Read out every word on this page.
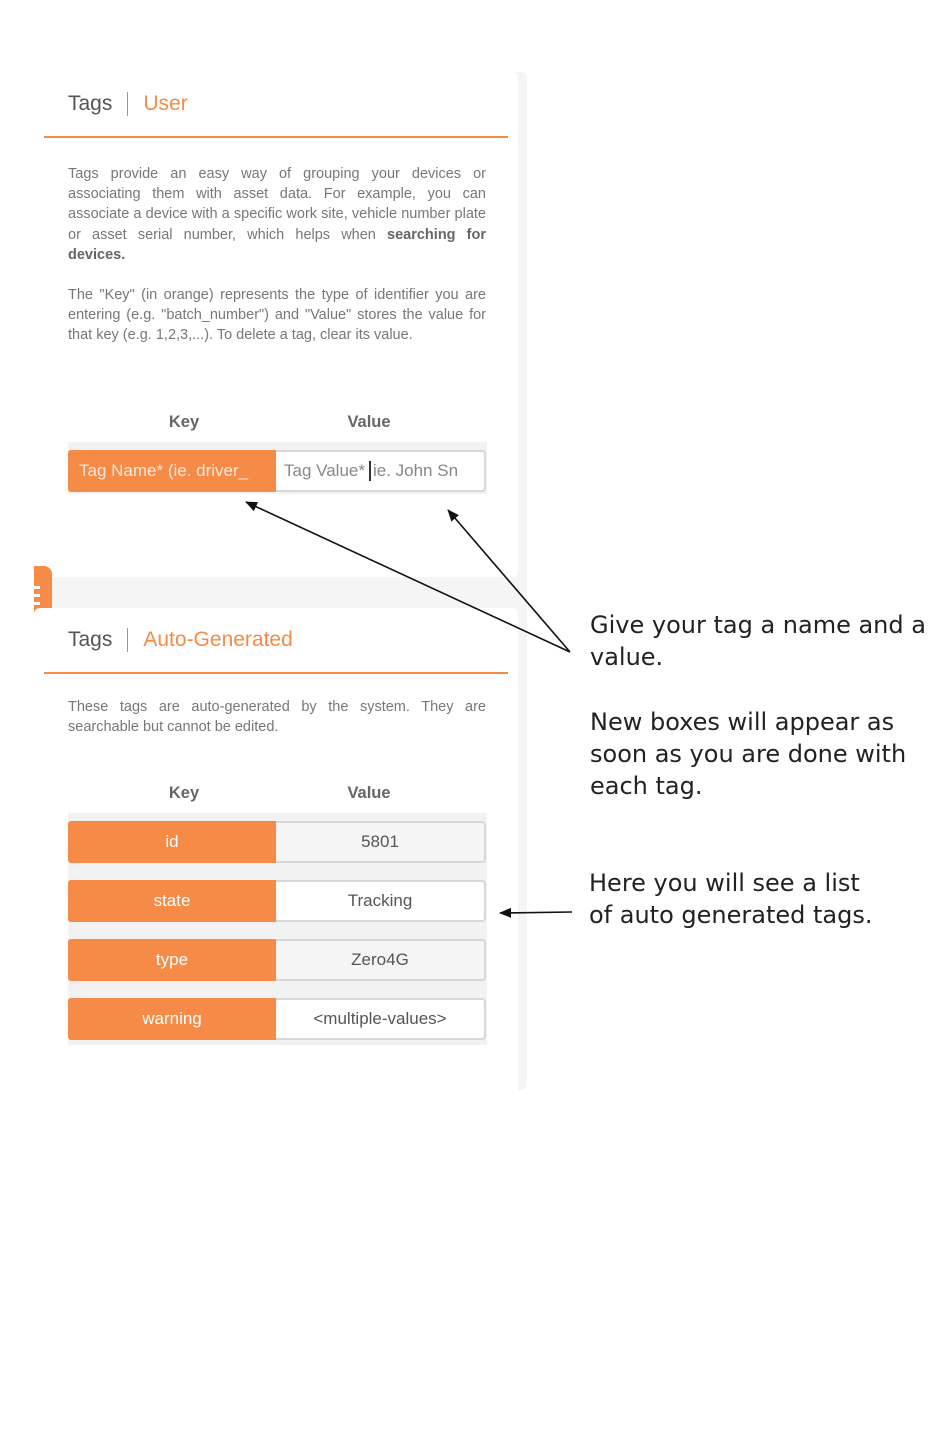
Tags User

Tags provide an easy way of grouping your devices or associating them with asset data. For example, you can associate a device with a specific work site, vehicle number plate or asset serial number, which helps when searching for devices.

The "Key" (in orange) represents the type of identifier you are entering (e.g. "batch_number") and "Value" stores the value for that key (e.g. 1,2,3,...). To delete a tag, clear its value.

Key	Value
Tag Name* (ie. driver_	Tag Value* ie. John Sn
Tags Auto-Generated

These tags are auto-generated by the system. They are searchable but cannot be edited.

Key	Value
id	5801
state	Tracking
type	Zero4G
warning	<multiple-values>
Give your tag a name and a
value.
New boxes will appear as
soon as you are done with
each tag.
Here you will see a list
of auto generated tags.
